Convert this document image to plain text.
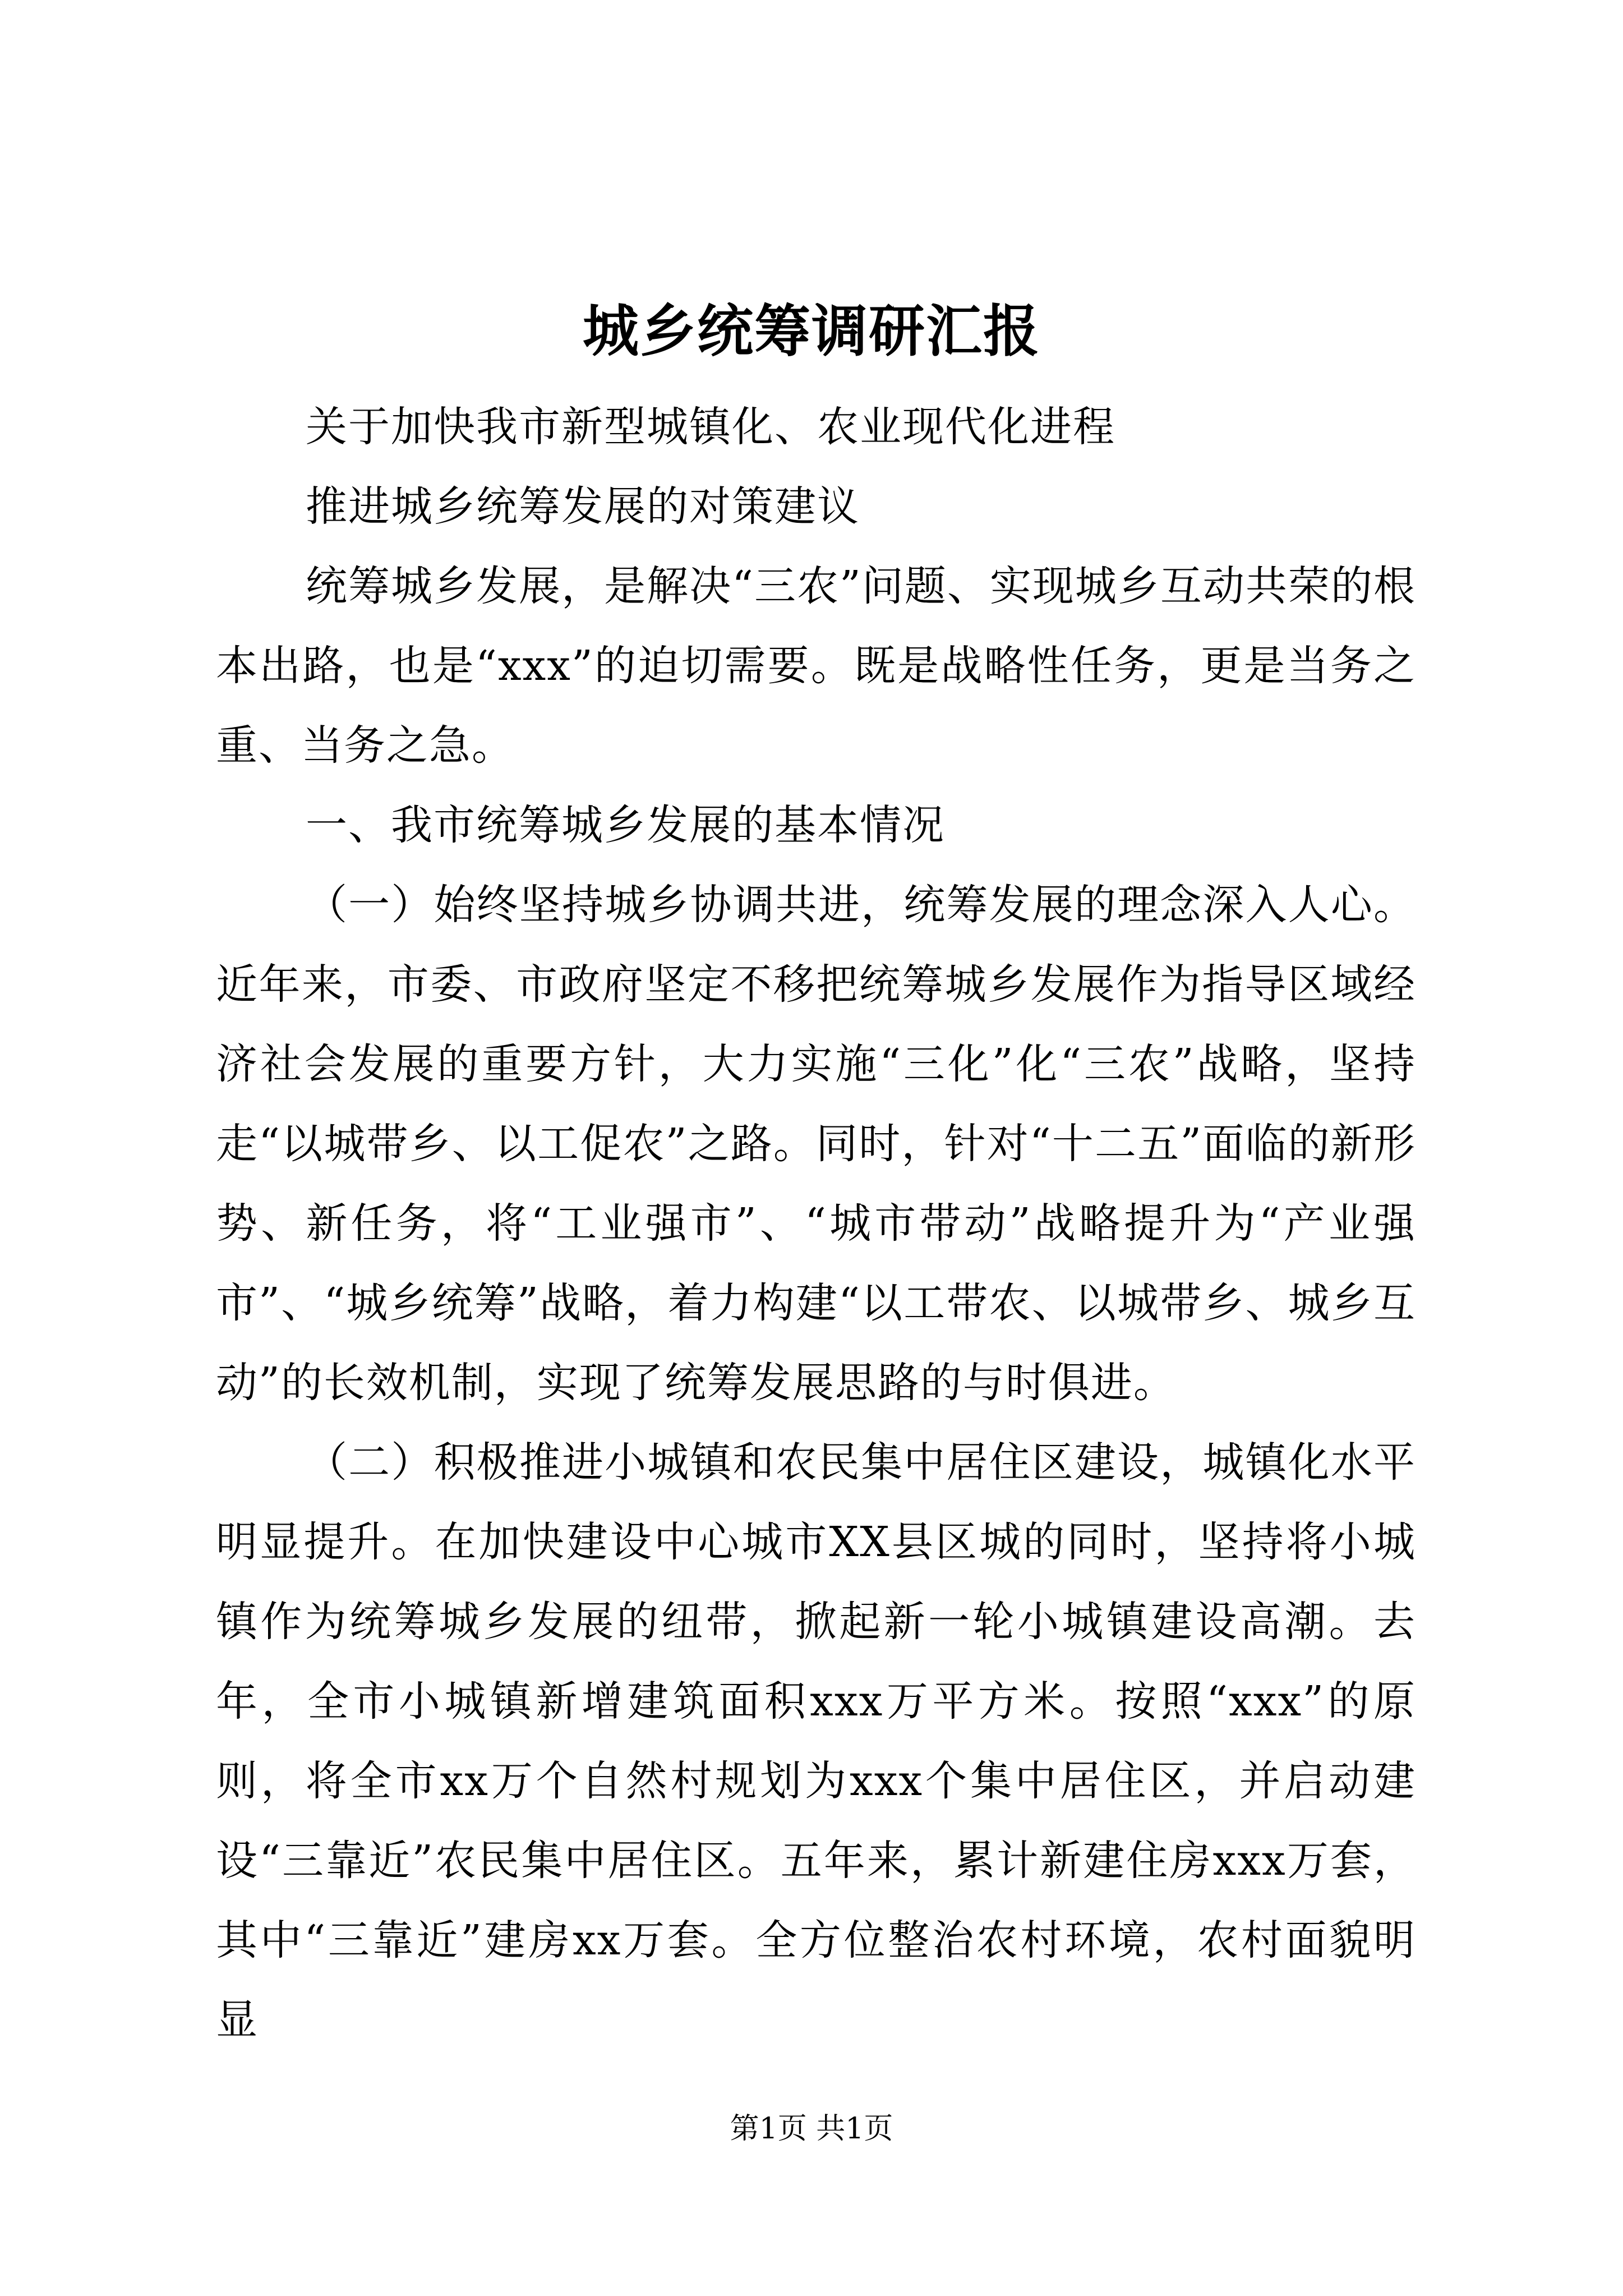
城乡统筹调研汇报

关于加快我市新型城镇化、农业现代化进程

推进城乡统筹发展的对策建议

统筹城乡发展，是解决“三农”问题、实现城乡互动共荣的根本出路，也是“xxx”的迫切需要。既是战略性任务，更是当务之重、当务之急。

一、我市统筹城乡发展的基本情况

（一）始终坚持城乡协调共进，统筹发展的理念深入人心。近年来，市委、市政府坚定不移把统筹城乡发展作为指导区域经济社会发展的重要方针，大力实施“三化”化“三农”战略，坚持走“以城带乡、以工促农”之路。同时，针对“十二五”面临的新形势、新任务，将“工业强市”、“城市带动”战略提升为“产业强市”、“城乡统筹”战略，着力构建“以工带农、以城带乡、城乡互动”的长效机制，实现了统筹发展思路的与时俱进。

（二）积极推进小城镇和农民集中居住区建设，城镇化水平明显提升。在加快建设中心城市XX县区城的同时，坚持将小城镇作为统筹城乡发展的纽带，掀起新一轮小城镇建设高潮。去年，全市小城镇新增建筑面积xxx万平方米。按照“xxx”的原则，将全市xx万个自然村规划为xxx个集中居住区，并启动建设“三靠近”农民集中居住区。五年来，累计新建住房xxx万套，其中“三靠近”建房xx万套。全方位整治农村环境，农村面貌明显

第1页 共1页
